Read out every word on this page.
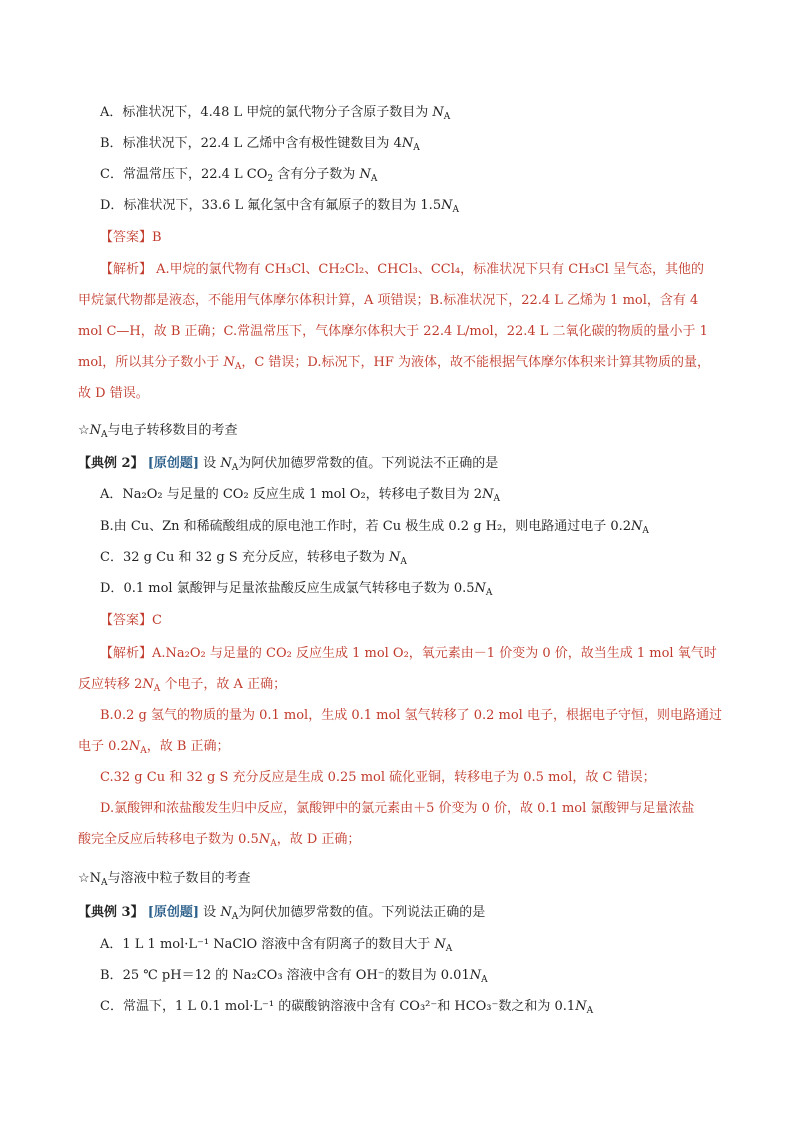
A．标准状况下，4.48 L 甲烷的氯代物分子含原子数目为 $N_A$
B．标准状况下，22.4 L 乙烯中含有极性键数目为 $4N_A$
C．常温常压下，22.4 L $CO_2$ 含有分子数为 $N_A$
D．标准状况下，33.6 L 氟化氢中含有氟原子的数目为 $1.5N_A$
【答案】B
【解析】 A.甲烷的氯代物有 CH₃Cl、CH₂Cl₂、CHCl₃、CCl₄，标准状况下只有 CH₃Cl 呈气态，其他的
甲烷氯代物都是液态，不能用气体摩尔体积计算，A 项错误；B.标准状况下，22.4 L 乙烯为 1 mol，含有 4
mol C—H，故 B 正确；C.常温常压下，气体摩尔体积大于 22.4 L/mol，22.4 L 二氧化碳的物质的量小于 1
mol，所以其分子数小于 $N_A$，C 错误；D.标况下，HF 为液体，故不能根据气体摩尔体积来计算其物质的量，
故 D 错误。
$☆N_A$与电子转移数目的考查
【典例 2】 [原创题] 设 $N_A$为阿伏加德罗常数的值。下列说法不正确的是
A．Na₂O₂ 与足量的 CO₂ 反应生成 1 mol O₂，转移电子数目为 $2N_A$
B.由 Cu、Zn 和稀硫酸组成的原电池工作时，若 Cu 极生成 0.2 g H₂，则电路通过电子 $0.2N_A$
C．32 g Cu 和 32 g S 充分反应，转移电子数为 $N_A$
D．0.1 mol 氯酸钾与足量浓盐酸反应生成氯气转移电子数为 $0.5N_A$
【答案】C
【解析】A.Na₂O₂ 与足量的 CO₂ 反应生成 1 mol O₂，氧元素由－1 价变为 0 价，故当生成 1 mol 氧气时
反应转移 $2N_A$ 个电子，故 A 正确；
B.0.2 g 氢气的物质的量为 0.1 mol，生成 0.1 mol 氢气转移了 0.2 mol 电子，根据电子守恒，则电路通过
电子 $0.2N_A$，故 B 正确；
C.32 g Cu 和 32 g S 充分反应是生成 0.25 mol 硫化亚铜，转移电子为 0.5 mol，故 C 错误；
D.氯酸钾和浓盐酸发生归中反应，氯酸钾中的氯元素由＋5 价变为 0 价，故 0.1 mol 氯酸钾与足量浓盐
酸完全反应后转移电子数为 $0.5N_A$，故 D 正确；
$☆N_A$与溶液中粒子数目的考查
【典例 3】 [原创题] 设 $N_A$为阿伏加德罗常数的值。下列说法正确的是
A．1 L 1 mol·L⁻¹ NaClO 溶液中含有阴离子的数目大于 $N_A$
B．25 ℃ pH＝12 的 Na₂CO₃ 溶液中含有 OH⁻的数目为 $0.01N_A$
C．常温下，1 L 0.1 mol·L⁻¹ 的碳酸钠溶液中含有 CO₃²⁻和 HCO₃⁻数之和为 $0.1N_A$
